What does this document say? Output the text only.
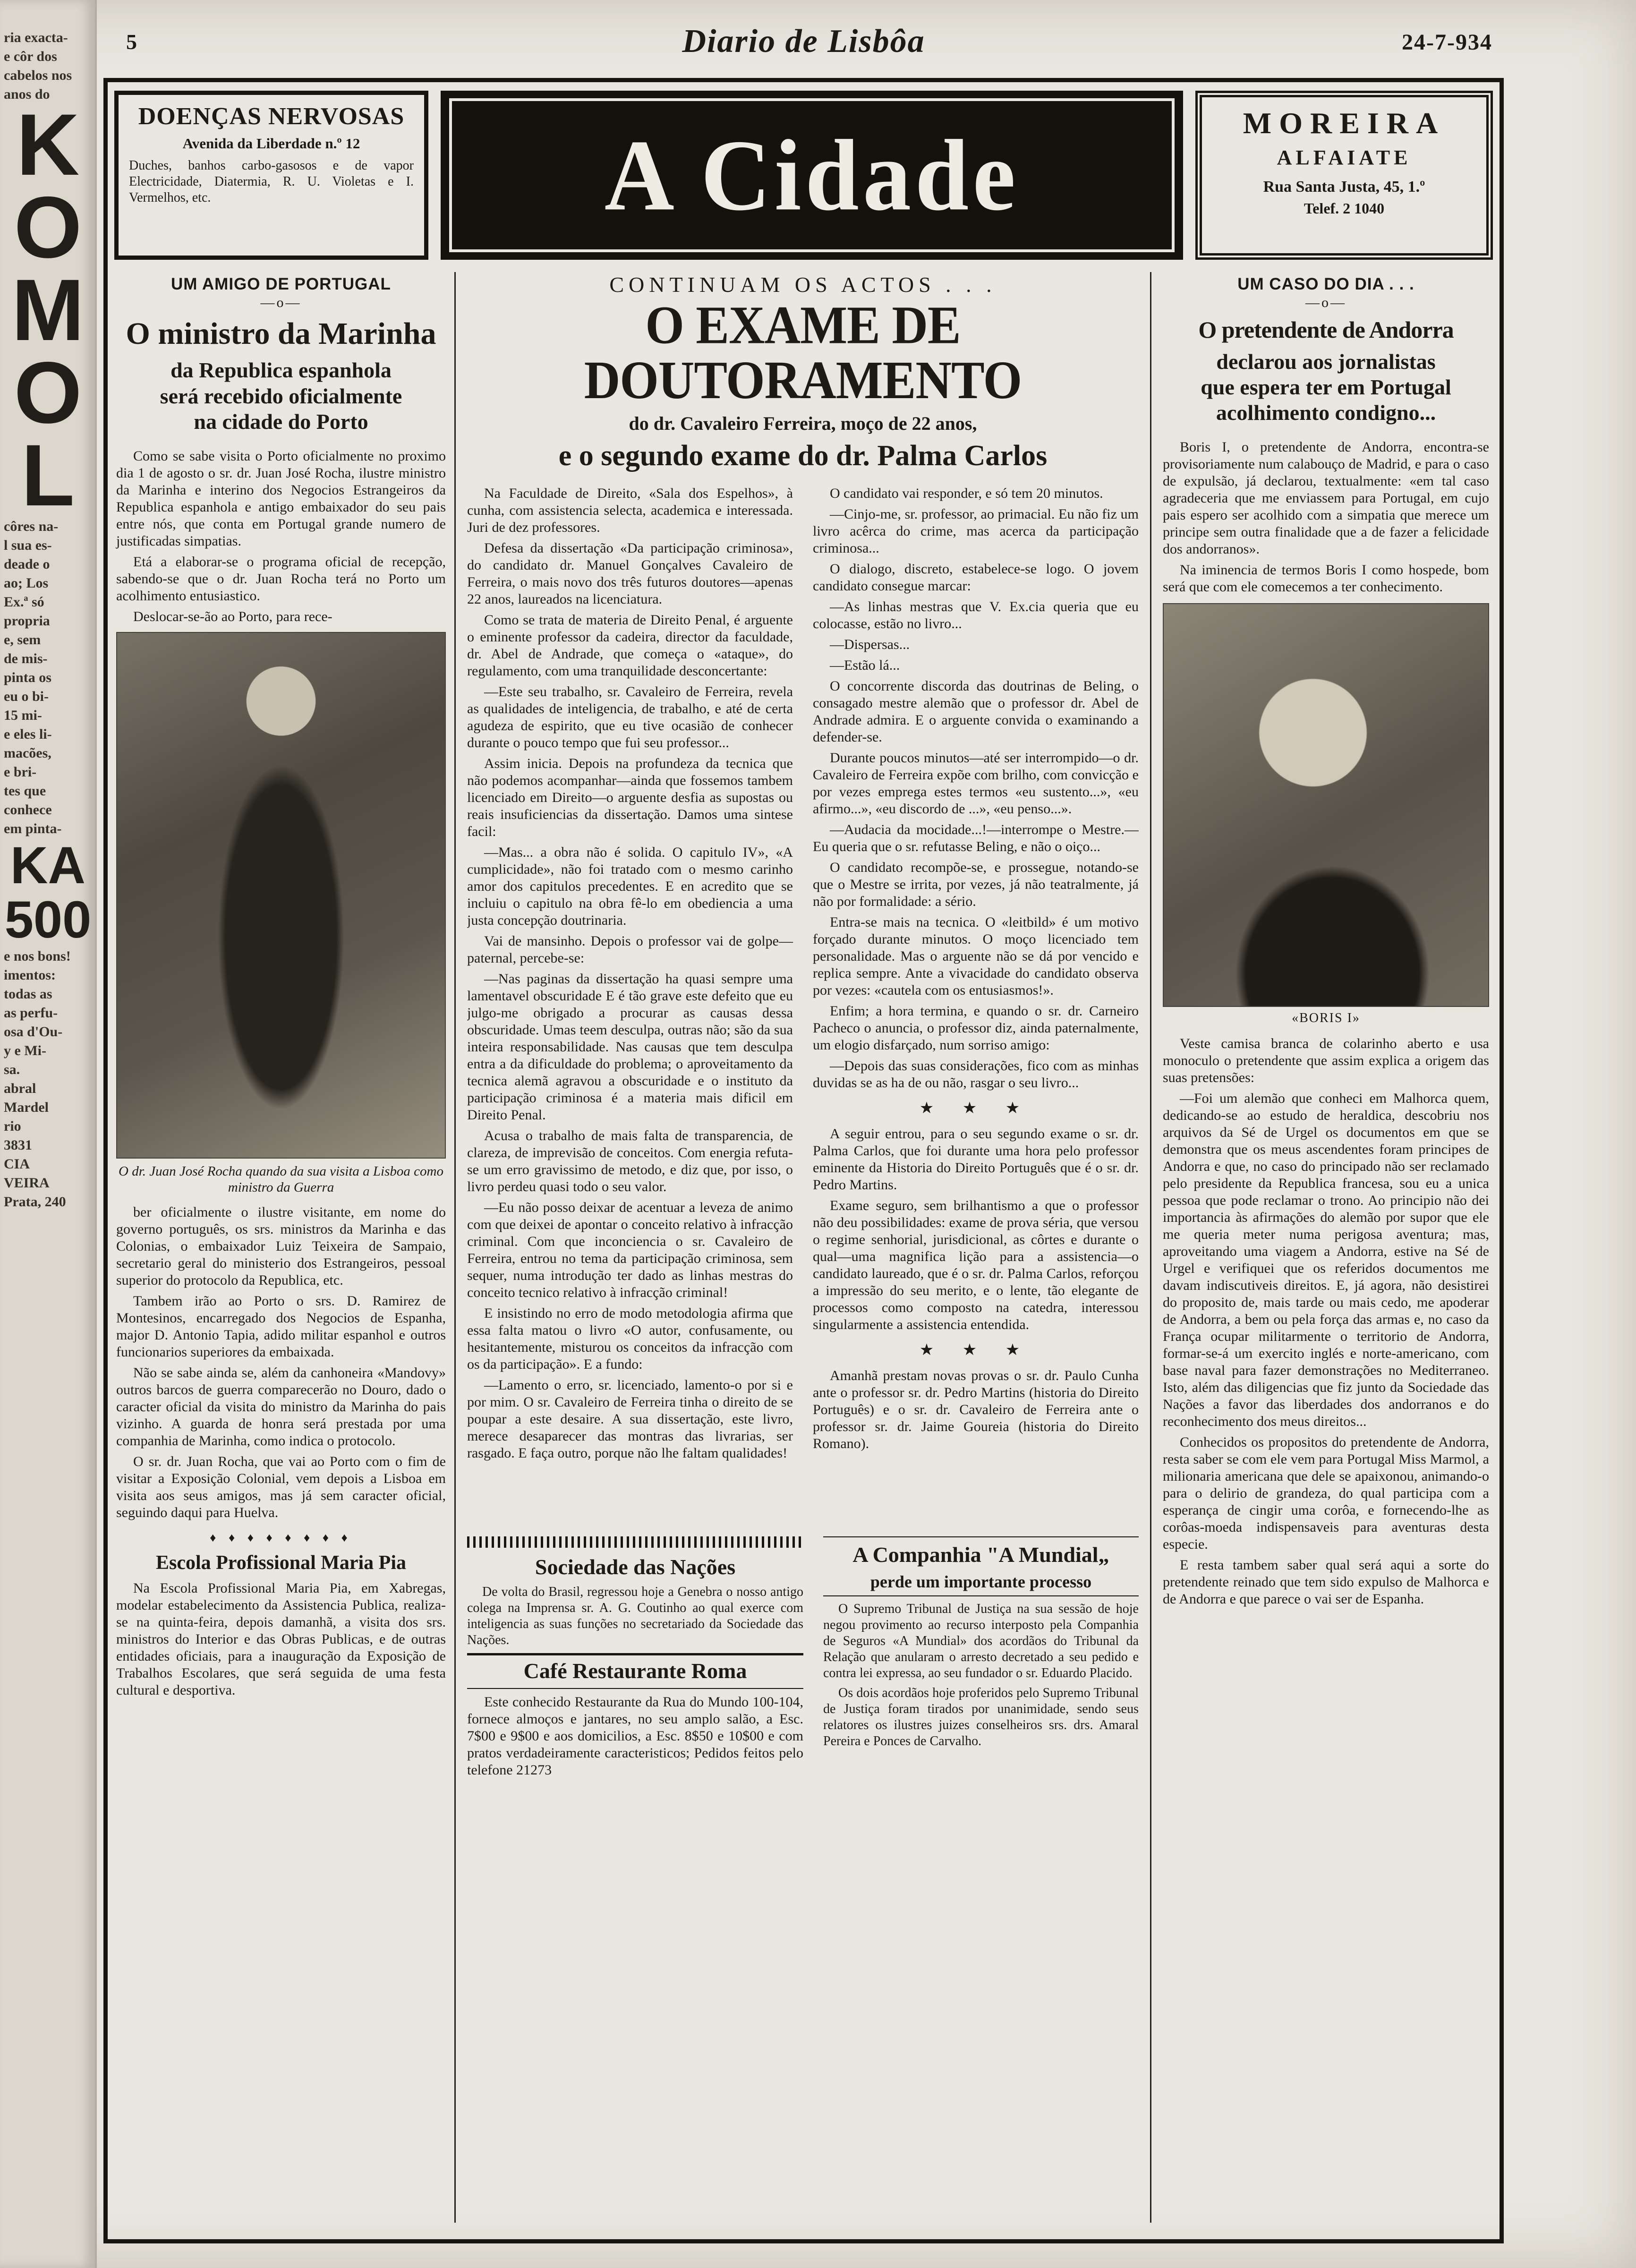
ria exacta-

e côr dos

cabelos nos

anos do

K

O

M

O

L

côres na-

l sua es-

deade o

ao; Los

Ex.ª só

propria

e, sem

de mis-

pinta os

eu o bi-

15 mi-

e eles li-

macões,

e bri-

tes que

conhece

em pinta-

KA

500

e nos bons!

imentos:

todas as

as perfu-

osa d'Ou-

y e Mi-

sa.

abral

Mardel

rio

3831

CIA

VEIRA

Prata, 240

5	Diario de Lisbôa	24-7-934
DOENÇAS NERVOSAS
Avenida da Liberdade n.º 12
Duches, banhos carbo-gasosos e de vapor Electricidade, Diatermia, R. U. Violetas e I. Vermelhos, etc.	A Cidade	MOREIRA
ALFAIATE
Rua Santa Justa, 45, 1.º
Telef. 2 1040
UM AMIGO DE PORTUGAL
—o—
O ministro da Marinha

da Republica espanhola

será recebido oficialmente

na cidade do Porto

Como se sabe visita o Porto oficialmente no proximo dia 1 de agosto o sr. dr. Juan José Rocha, ilustre ministro da Marinha e interino dos Negocios Estrangeiros da Republica espanhola e antigo embaixador do seu pais entre nós, que conta em Portugal grande numero de justificadas simpatias.

Etá a elaborar-se o programa oficial de recepção, sabendo-se que o dr. Juan Rocha terá no Porto um acolhimento entusiastico.

Deslocar-se-ão ao Porto, para rece-

O dr. Juan José Rocha quando da sua visita a Lisboa como ministro da Guerra

ber oficialmente o ilustre visitante, em nome do governo português, os srs. ministros da Marinha e das Colonias, o embaixador Luiz Teixeira de Sampaio, secretario geral do ministerio dos Estrangeiros, pessoal superior do protocolo da Republica, etc.

Tambem irão ao Porto o srs. D. Ramirez de Montesinos, encarregado dos Negocios de Espanha, major D. Antonio Tapia, adido militar espanhol e outros funcionarios superiores da embaixada.

Não se sabe ainda se, além da canhoneira «Mandovy» outros barcos de guerra comparecerão no Douro, dado o caracter oficial da visita do ministro da Marinha do pais vizinho. A guarda de honra será prestada por uma companhia de Marinha, como indica o protocolo.

O sr. dr. Juan Rocha, que vai ao Porto com o fim de visitar a Exposição Colonial, vem depois a Lisboa em visita aos seus amigos, mas já sem caracter oficial, seguindo daqui para Huelva.

♦ ♦ ♦ ♦ ♦ ♦ ♦ ♦
Escola Profissional Maria Pia

Na Escola Profissional Maria Pia, em Xabregas, modelar estabelecimento da Assistencia Publica, realiza-se na quinta-feira, depois damanhã, a visita dos srs. ministros do Interior e das Obras Publicas, e de outras entidades oficiais, para a inauguração da Exposição de Trabalhos Escolares, que será seguida de uma festa cultural e desportiva.

CONTINUAM OS ACTOS . . .
O EXAME DE DOUTORAMENTO
do dr. Cavaleiro Ferreira, moço de 22 anos,
e o segundo exame do dr. Palma Carlos

Na Faculdade de Direito, «Sala dos Espelhos», à cunha, com assistencia selecta, academica e interessada. Juri de dez professores.

Defesa da dissertação «Da participação criminosa», do candidato dr. Manuel Gonçalves Cavaleiro de Ferreira, o mais novo dos três futuros doutores—apenas 22 anos, laureados na licenciatura.

Como se trata de materia de Direito Penal, é arguente o eminente professor da cadeira, director da faculdade, dr. Abel de Andrade, que começa o «ataque», do regulamento, com uma tranquilidade desconcertante:

—Este seu trabalho, sr. Cavaleiro de Ferreira, revela as qualidades de inteligencia, de trabalho, e até de certa agudeza de espirito, que eu tive ocasião de conhecer durante o pouco tempo que fui seu professor...

Assim inicia. Depois na profundeza da tecnica que não podemos acompanhar—ainda que fossemos tambem licenciado em Direito—o arguente desfia as supostas ou reais insuficiencias da dissertação. Damos uma sintese facil:

—Mas... a obra não é solida. O capitulo IV», «A cumplicidade», não foi tratado com o mesmo carinho amor dos capitulos precedentes. E en acredito que se incluiu o capitulo na obra fê-lo em obediencia a uma justa concepção doutrinaria.

Vai de mansinho. Depois o professor vai de golpe—paternal, percebe-se:

—Nas paginas da dissertação ha quasi sempre uma lamentavel obscuridade E é tão grave este defeito que eu julgo-me obrigado a procurar as causas dessa obscuridade. Umas teem desculpa, outras não; são da sua inteira responsabilidade. Nas causas que tem desculpa entra a da dificuldade do problema; o aproveitamento da tecnica alemã agravou a obscuridade e o instituto da participação criminosa é a materia mais dificil em Direito Penal.

Acusa o trabalho de mais falta de transparencia, de clareza, de imprevisão de conceitos. Com energia refuta-se um erro gravissimo de metodo, e diz que, por isso, o livro perdeu quasi todo o seu valor.

—Eu não posso deixar de acentuar a leveza de animo com que deixei de apontar o conceito relativo à infracção criminal. Com que inconciencia o sr. Cavaleiro de Ferreira, entrou no tema da participação criminosa, sem sequer, numa introdução ter dado as linhas mestras do conceito tecnico relativo à infracção criminal!

E insistindo no erro de modo metodologia afirma que essa falta matou o livro «O autor, confusamente, ou hesitantemente, misturou os conceitos da infracção com os da participação». E a fundo:

—Lamento o erro, sr. licenciado, lamento-o por si e por mim. O sr. Cavaleiro de Ferreira tinha o direito de se poupar a este desaire. A sua dissertação, este livro, merece desaparecer das montras das livrarias, ser rasgado. E faça outro, porque não lhe faltam qualidades!

O candidato vai responder, e só tem 20 minutos.

—Cinjo-me, sr. professor, ao primacial. Eu não fiz um livro acêrca do crime, mas acerca da participação criminosa...

O dialogo, discreto, estabelece-se logo. O jovem candidato consegue marcar:

—As linhas mestras que V. Ex.cia queria que eu colocasse, estão no livro...

—Dispersas...

—Estão lá...

O concorrente discorda das doutrinas de Beling, o consagado mestre alemão que o professor dr. Abel de Andrade admira. E o arguente convida o examinando a defender-se.

Durante poucos minutos—até ser interrompido—o dr. Cavaleiro de Ferreira expõe com brilho, com convicção e por vezes emprega estes termos «eu sustento...», «eu afirmo...», «eu discordo de ...», «eu penso...».

—Audacia da mocidade...!—interrompe o Mestre.—Eu queria que o sr. refutasse Beling, e não o oiço...

O candidato recompõe-se, e prossegue, notando-se que o Mestre se irrita, por vezes, já não teatralmente, já não por formalidade: a sério.

Entra-se mais na tecnica. O «leitbild» é um motivo forçado durante minutos. O moço licenciado tem personalidade. Mas o arguente não se dá por vencido e replica sempre. Ante a vivacidade do candidato observa por vezes: «cautela com os entusiasmos!».

Enfim; a hora termina, e quando o sr. dr. Carneiro Pacheco o anuncia, o professor diz, ainda paternalmente, um elogio disfarçado, num sorriso amigo:

—Depois das suas considerações, fico com as minhas duvidas se as ha de ou não, rasgar o seu livro...

★ ★ ★

A seguir entrou, para o seu segundo exame o sr. dr. Palma Carlos, que foi durante uma hora pelo professor eminente da Historia do Direito Português que é o sr. dr. Pedro Martins.

Exame seguro, sem brilhantismo a que o professor não deu possibilidades: exame de prova séria, que versou o regime senhorial, jurisdicional, as côrtes e durante o qual—uma magnifica lição para a assistencia—o candidato laureado, que é o sr. dr. Palma Carlos, reforçou a impressão do seu merito, e o lente, tão elegante de processos como composto na catedra, interessou singularmente a assistencia entendida.

★ ★ ★

Amanhã prestam novas provas o sr. dr. Paulo Cunha ante o professor sr. dr. Pedro Martins (historia do Direito Português) e o sr. dr. Cavaleiro de Ferreira ante o professor sr. dr. Jaime Goureia (historia do Direito Romano).

Sociedade das Nações

De volta do Brasil, regressou hoje a Genebra o nosso antigo colega na Imprensa sr. A. G. Coutinho ao qual exerce com inteligencia as suas funções no secretariado da Sociedade das Nações.

Café Restaurante Roma

Este conhecido Restaurante da Rua do Mundo 100-104, fornece almoços e jantares, no seu amplo salão, a Esc. 7$00 e 9$00 e aos domicilios, a Esc. 8$50 e 10$00 e com pratos verdadeiramente caracteristicos; Pedidos feitos pelo telefone 21273

A Companhia "A Mundial„
perde um importante processo

O Supremo Tribunal de Justiça na sua sessão de hoje negou provimento ao recurso interposto pela Companhia de Seguros «A Mundial» dos acordãos do Tribunal da Relação que anularam o arresto decretado a seu pedido e contra lei expressa, ao seu fundador o sr. Eduardo Placido.

Os dois acordãos hoje proferidos pelo Supremo Tribunal de Justiça foram tirados por unanimidade, sendo seus relatores os ilustres juizes conselheiros srs. drs. Amaral Pereira e Ponces de Carvalho.

UM CASO DO DIA . . .
—o—
O pretendente de Andorra

declarou aos jornalistas

que espera ter em Portugal

acolhimento condigno...

Boris I, o pretendente de Andorra, encontra-se provisoriamente num calabouço de Madrid, e para o caso de expulsão, já declarou, textualmente: «em tal caso agradeceria que me enviassem para Portugal, em cujo pais espero ser acolhido com a simpatia que merece um principe sem outra finalidade que a de fazer a felicidade dos andorranos».

Na iminencia de termos Boris I como hospede, bom será que com ele comecemos a ter conhecimento.

«BORIS I»

Veste camisa branca de colarinho aberto e usa monoculo o pretendente que assim explica a origem das suas pretensões:

—Foi um alemão que conheci em Malhorca quem, dedicando-se ao estudo de heraldica, descobriu nos arquivos da Sé de Urgel os documentos em que se demonstra que os meus ascendentes foram principes de Andorra e que, no caso do principado não ser reclamado pelo presidente da Republica francesa, sou eu a unica pessoa que pode reclamar o trono. Ao principio não dei importancia às afirmações do alemão por supor que ele me queria meter numa perigosa aventura; mas, aproveitando uma viagem a Andorra, estive na Sé de Urgel e verifiquei que os referidos documentos me davam indiscutiveis direitos. E, já agora, não desistirei do proposito de, mais tarde ou mais cedo, me apoderar de Andorra, a bem ou pela força das armas e, no caso da França ocupar militarmente o territorio de Andorra, formar-se-á um exercito inglés e norte-americano, com base naval para fazer demonstrações no Mediterraneo. Isto, além das diligencias que fiz junto da Sociedade das Nações a favor das liberdades dos andorranos e do reconhecimento dos meus direitos...

Conhecidos os propositos do pretendente de Andorra, resta saber se com ele vem para Portugal Miss Marmol, a milionaria americana que dele se apaixonou, animando-o para o delirio de grandeza, do qual participa com a esperança de cingir uma corôa, e fornecendo-lhe as corôas-moeda indispensaveis para aventuras desta especie.

E resta tambem saber qual será aqui a sorte do pretendente reinado que tem sido expulso de Malhorca e de Andorra e que parece o vai ser de Espanha.
